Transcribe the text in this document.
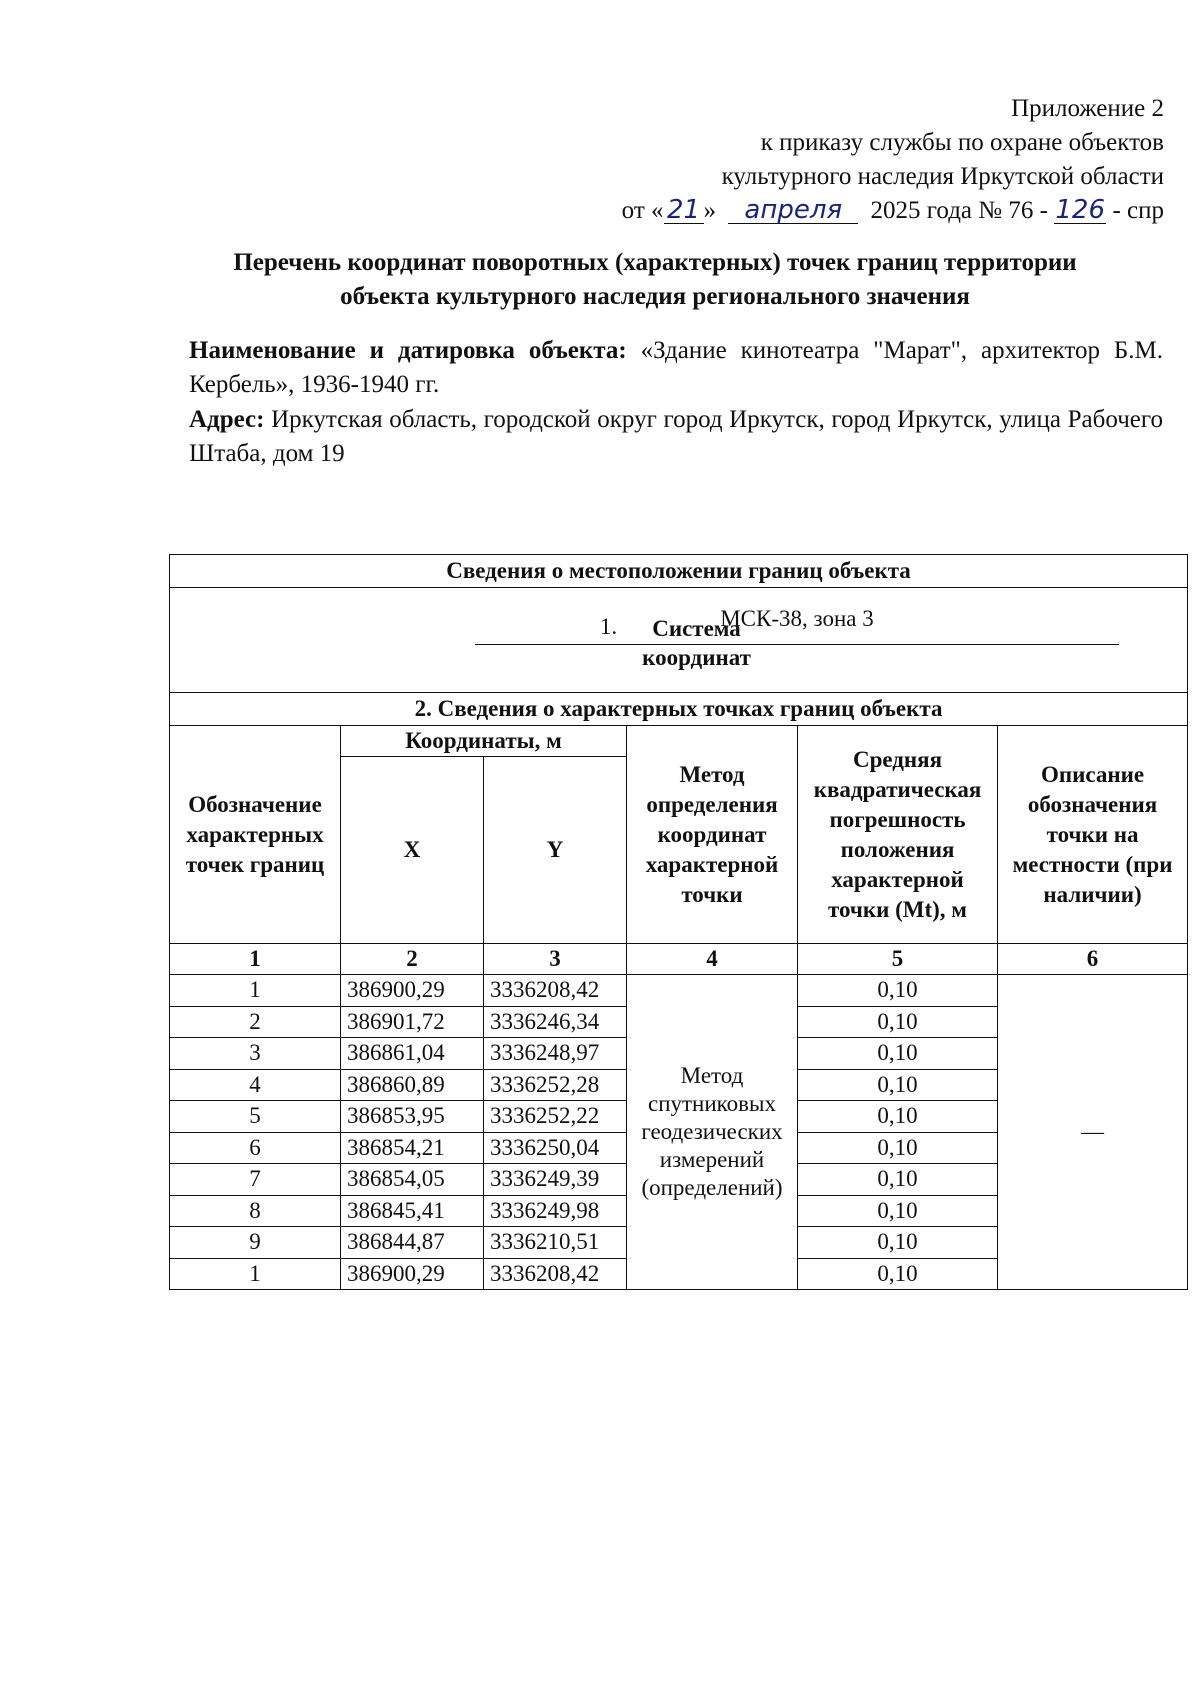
Приложение 2
к приказу службы по охране объектов
культурного наследия Иркутской области
от « 21 » апреля 2025 года № 76 - 126 - спр
Перечень координат поворотных (характерных) точек границ территории
объекта культурного наследия регионального значения

Наименование и датировка объекта: «Здание кинотеатра "Марат", архитектор Б.М. Кербель», 1936-1940 гг.

Адрес: Иркутская область, городской округ город Иркутск, город Иркутск, улица Рабочего Штаба, дом 19

Сведения о местоположении границ объекта					
1. Система координат
МСК-38, зона 3					

2. Сведения о характерных точках границ объекта					
Обозначение характерных точек границ	Координаты, м		Метод определения координат характерной точки	Средняя квадратическая погрешность положения характерной точки (Mt), м	Описание обозначения точки на местности (при наличии)
	X	Y			
1	2	3	4	5	6
1	386900,29	3336208,42	Метод спутниковых геодезических измерений (определений)	0,10	—
2	386901,72	3336246,34		0,10	
3	386861,04	3336248,97		0,10	
4	386860,89	3336252,28		0,10	
5	386853,95	3336252,22		0,10	
6	386854,21	3336250,04		0,10	
7	386854,05	3336249,39		0,10	
8	386845,41	3336249,98		0,10	
9	386844,87	3336210,51		0,10	
1	386900,29	3336208,42		0,10	
